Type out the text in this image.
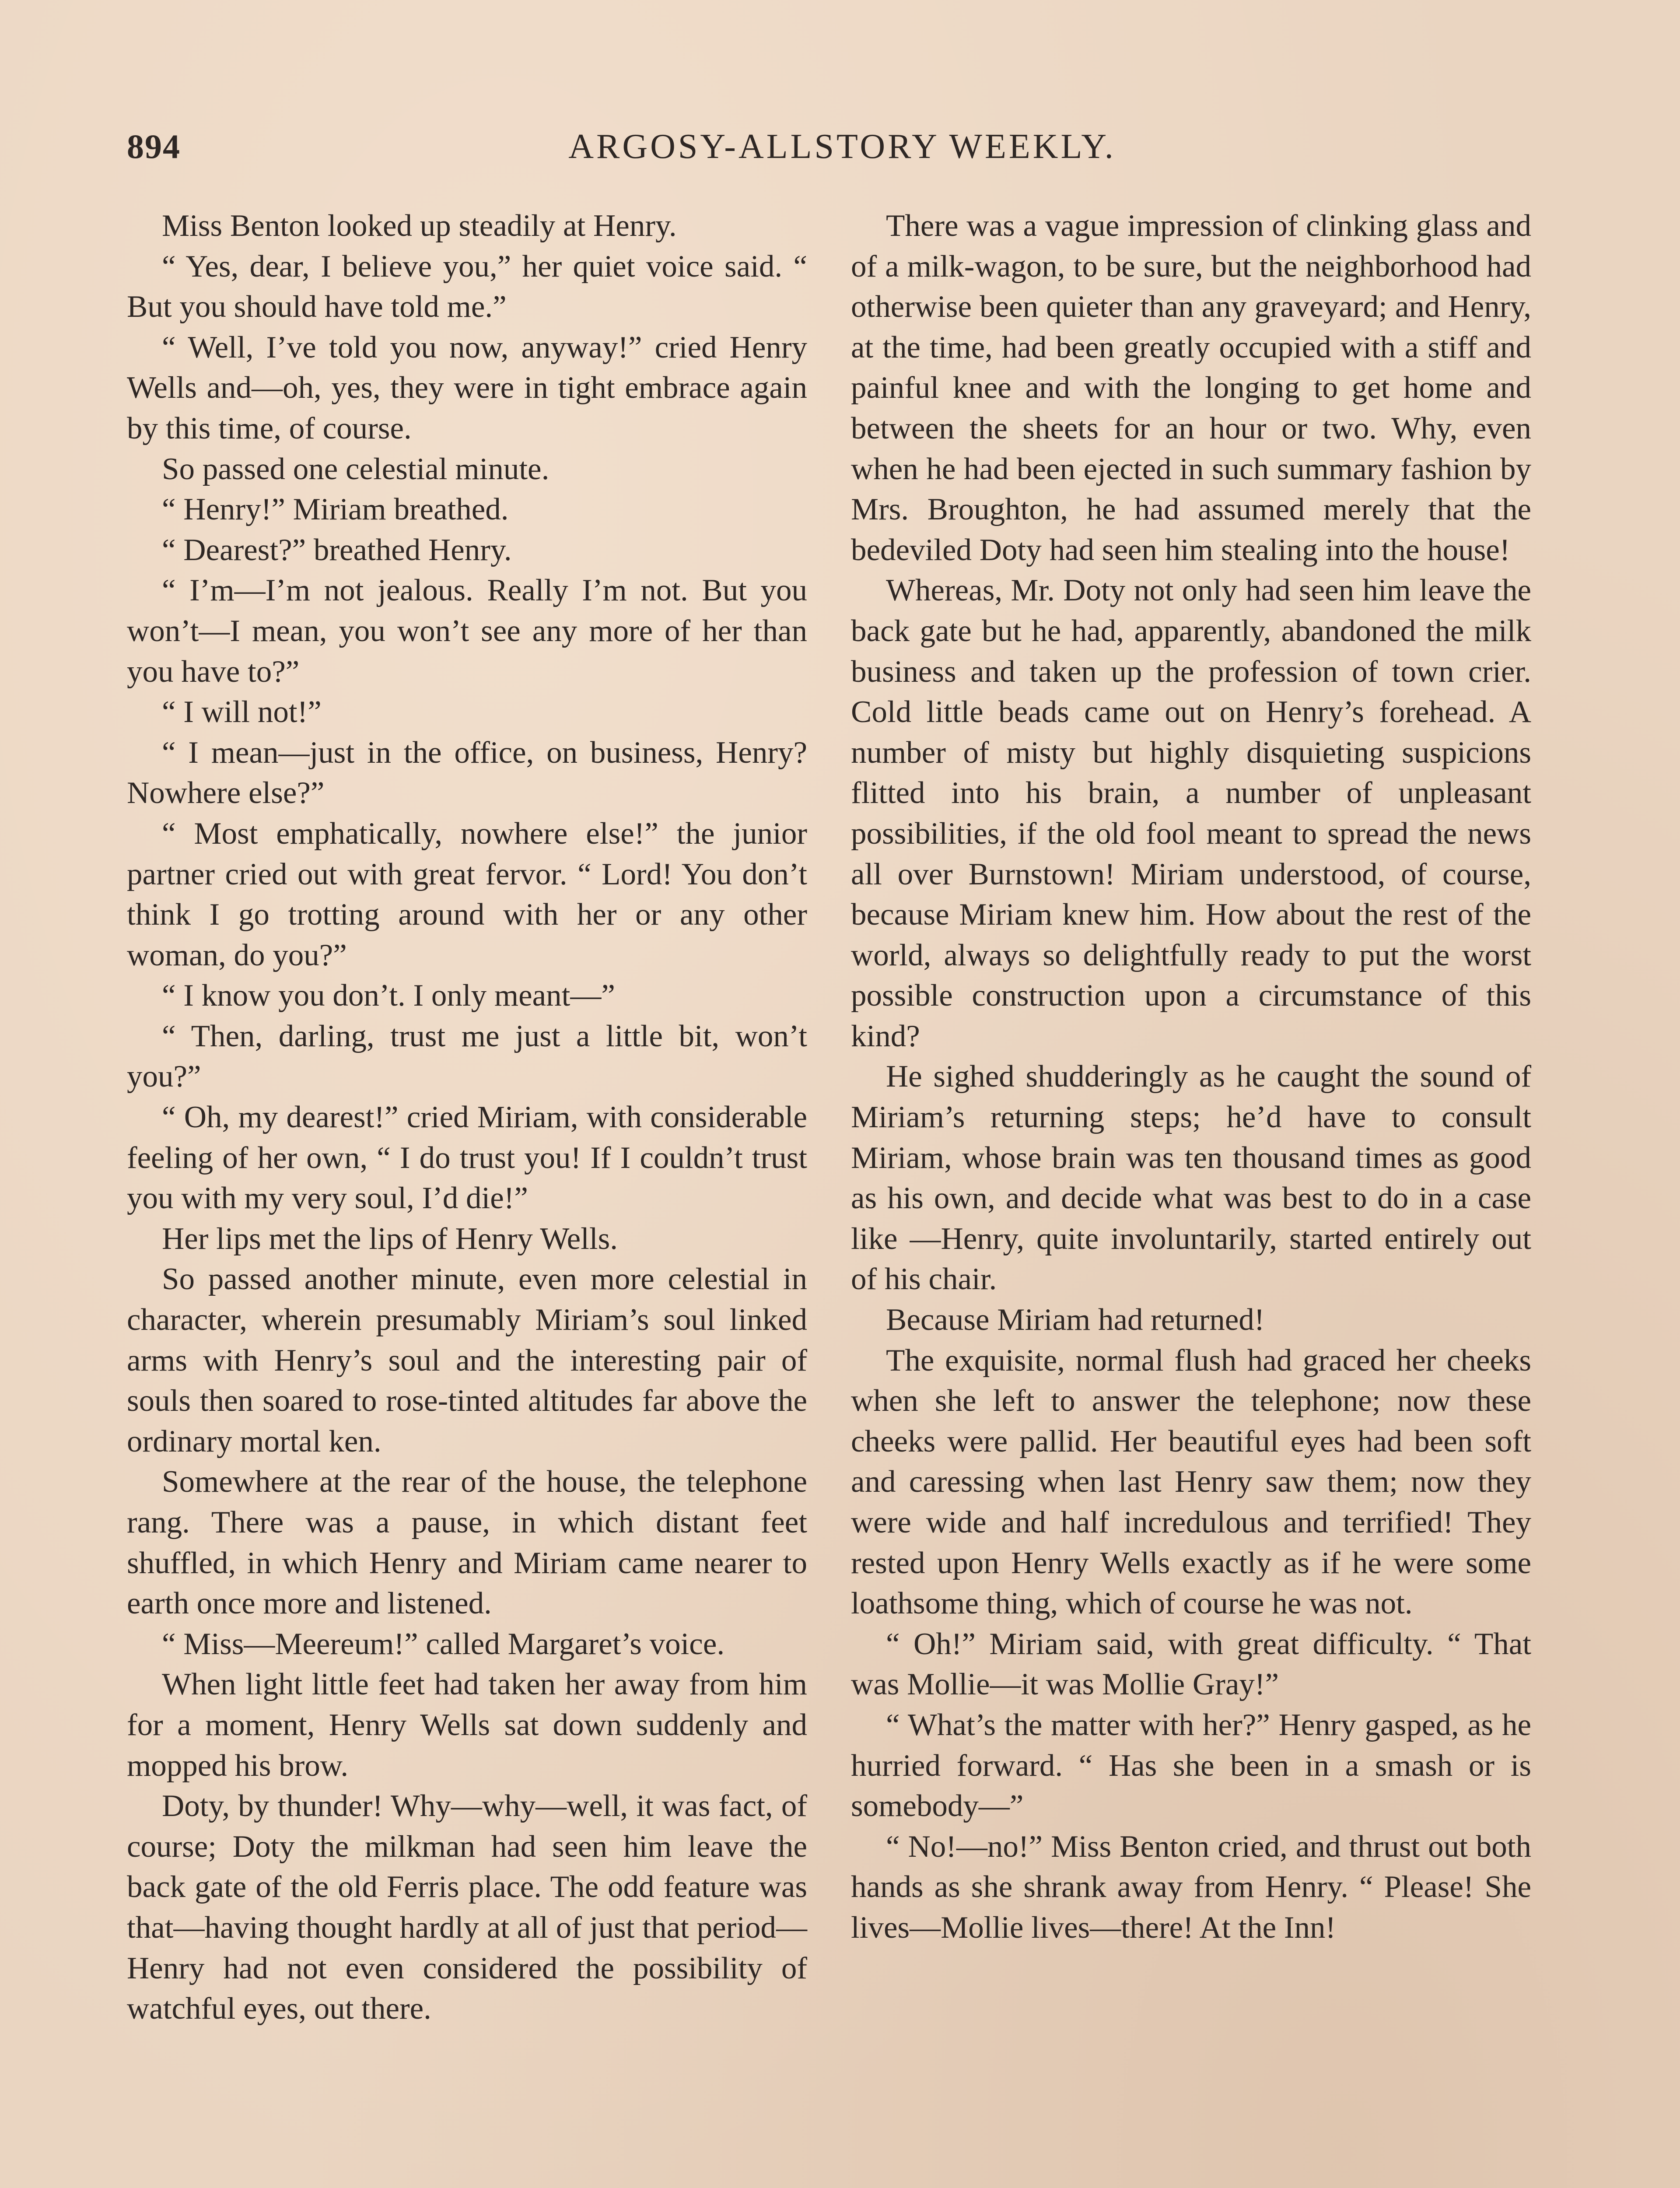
894	ARGOSY-ALLSTORY WEEKLY.

Miss Benton looked up steadily at Henry.

“ Yes, dear, I believe you,” her quiet voice said. “ But you should have told me.”

“ Well, I’ve told you now, anyway!” cried Henry Wells and—oh, yes, they were in tight embrace again by this time, of course.

So passed one celestial minute.

“ Henry!” Miriam breathed.

“ Dearest?” breathed Henry.

“ I’m—I’m not jealous. Really I’m not. But you won’t—I mean, you won’t see any more of her than you have to?”

“ I will not!”

“ I mean—just in the office, on business, Henry? Nowhere else?”

“ Most emphatically, nowhere else!” the junior partner cried out with great fervor. “ Lord! You don’t think I go trotting around with her or any other woman, do you?”

“ I know you don’t. I only meant—”

“ Then, darling, trust me just a little bit, won’t you?”

“ Oh, my dearest!” cried Miriam, with considerable feeling of her own, “ I do trust you! If I couldn’t trust you with my very soul, I’d die!”

Her lips met the lips of Henry Wells.

So passed another minute, even more celestial in character, wherein presumably Miriam’s soul linked arms with Henry’s soul and the interesting pair of souls then soared to rose-tinted altitudes far above the ordinary mortal ken.

Somewhere at the rear of the house, the telephone rang. There was a pause, in which distant feet shuffled, in which Henry and Miriam came nearer to earth once more and listened.

“ Miss—Meereum!” called Margaret’s voice.

When light little feet had taken her away from him for a moment, Henry Wells sat down suddenly and mopped his brow.

Doty, by thunder! Why—why—well, it was fact, of course; Doty the milkman had seen him leave the back gate of the old Ferris place. The odd feature was that—having thought hardly at all of just that period—Henry had not even considered the possibility of watchful eyes, out there.

There was a vague impression of clinking glass and of a milk-wagon, to be sure, but the neighborhood had otherwise been quieter than any graveyard; and Henry, at the time, had been greatly occupied with a stiff and painful knee and with the longing to get home and between the sheets for an hour or two. Why, even when he had been ejected in such summary fashion by Mrs. Broughton, he had assumed merely that the bedeviled Doty had seen him stealing into the house!

Whereas, Mr. Doty not only had seen him leave the back gate but he had, apparently, abandoned the milk business and taken up the profession of town crier. Cold little beads came out on Henry’s forehead. A number of misty but highly disquieting suspicions flitted into his brain, a number of unpleasant possibilities, if the old fool meant to spread the news all over Burnstown! Miriam understood, of course, because Miriam knew him. How about the rest of the world, always so delightfully ready to put the worst possible construction upon a circumstance of this kind?

He sighed shudderingly as he caught the sound of Miriam’s returning steps; he’d have to consult Miriam, whose brain was ten thousand times as good as his own, and decide what was best to do in a case like —Henry, quite involuntarily, started entirely out of his chair.

Because Miriam had returned!

The exquisite, normal flush had graced her cheeks when she left to answer the telephone; now these cheeks were pallid. Her beautiful eyes had been soft and caressing when last Henry saw them; now they were wide and half incredulous and terrified! They rested upon Henry Wells exactly as if he were some loathsome thing, which of course he was not.

“ Oh!” Miriam said, with great difficulty. “ That was Mollie—it was Mollie Gray!”

“ What’s the matter with her?” Henry gasped, as he hurried forward. “ Has she been in a smash or is somebody—”

“ No!—no!” Miss Benton cried, and thrust out both hands as she shrank away from Henry. “ Please! She lives—Mollie lives—there! At the Inn!
